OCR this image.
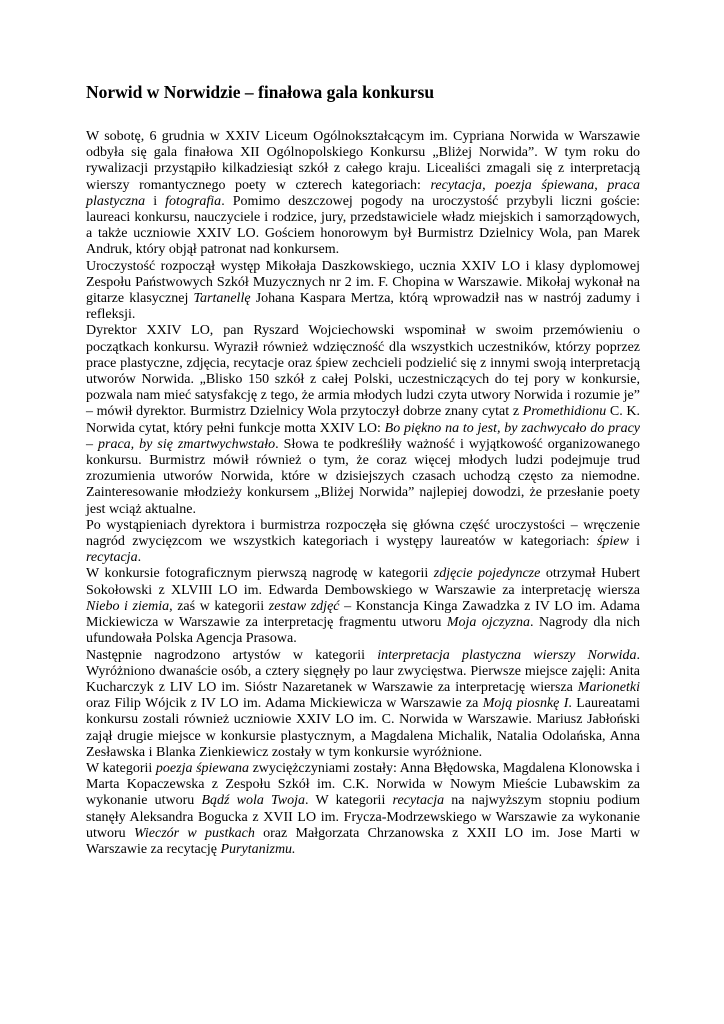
Norwid w Norwidzie – finałowa gala konkursu

W sobotę, 6 grudnia w XXIV Liceum Ogólnokształcącym im. Cypriana Norwida w Warszawie odbyła się gala finałowa XII Ogólnopolskiego Konkursu „Bliżej Norwida”. W tym roku do rywalizacji przystąpiło kilkadziesiąt szkół z całego kraju. Licealiści zmagali się z interpretacją wierszy romantycznego poety w czterech kategoriach: recytacja, poezja śpiewana, praca plastyczna i fotografia. Pomimo deszczowej pogody na uroczystość przybyli liczni goście: laureaci konkursu, nauczyciele i rodzice, jury, przedstawiciele władz miejskich i samorządowych, a także uczniowie XXIV LO. Gościem honorowym był Burmistrz Dzielnicy Wola, pan Marek Andruk, który objął patronat nad konkursem.

Uroczystość rozpoczął występ Mikołaja Daszkowskiego, ucznia XXIV LO i klasy dyplomowej Zespołu Państwowych Szkół Muzycznych nr 2 im. F. Chopina w Warszawie. Mikołaj wykonał na gitarze klasycznej Tartanellę Johana Kaspara Mertza, którą wprowadził nas w nastrój zadumy i refleksji.

Dyrektor XXIV LO, pan Ryszard Wojciechowski wspominał w swoim przemówieniu o początkach konkursu. Wyraził również wdzięczność dla wszystkich uczestników, którzy poprzez prace plastyczne, zdjęcia, recytacje oraz śpiew zechcieli podzielić się z innymi swoją interpretacją utworów Norwida. „Blisko 150 szkół z całej Polski, uczestniczących do tej pory w konkursie, pozwala nam mieć satysfakcję z tego, że armia młodych ludzi czyta utwory Norwida i rozumie je” – mówił dyrektor. Burmistrz Dzielnicy Wola przytoczył dobrze znany cytat z Promethidionu C. K. Norwida cytat, który pełni funkcje motta XXIV LO: Bo piękno na to jest, by zachwycało do pracy – praca, by się zmartwychwstało. Słowa te podkreśliły ważność i wyjątkowość organizowanego konkursu. Burmistrz mówił również o tym, że coraz więcej młodych ludzi podejmuje trud zrozumienia utworów Norwida, które w dzisiejszych czasach uchodzą często za niemodne. Zainteresowanie młodzieży konkursem „Bliżej Norwida” najlepiej dowodzi, że przesłanie poety jest wciąż aktualne.

Po wystąpieniach dyrektora i burmistrza rozpoczęła się główna część uroczystości – wręczenie nagród zwycięzcom we wszystkich kategoriach i występy laureatów w kategoriach: śpiew i recytacja.

W konkursie fotograficznym pierwszą nagrodę w kategorii zdjęcie pojedyncze otrzymał Hubert Sokołowski z XLVIII LO im. Edwarda Dembowskiego w Warszawie za interpretację wiersza Niebo i ziemia, zaś w kategorii zestaw zdjęć – Konstancja Kinga Zawadzka z IV LO im. Adama Mickiewicza w Warszawie za interpretację fragmentu utworu Moja ojczyzna. Nagrody dla nich ufundowała Polska Agencja Prasowa.

Następnie nagrodzono artystów w kategorii interpretacja plastyczna wierszy Norwida. Wyróżniono dwanaście osób, a cztery sięgnęły po laur zwycięstwa. Pierwsze miejsce zajęli: Anita Kucharczyk z LIV LO im. Sióstr Nazaretanek w Warszawie za interpretację wiersza Marionetki oraz Filip Wójcik z IV LO im. Adama Mickiewicza w Warszawie za Moją piosnkę I. Laureatami konkursu zostali również uczniowie XXIV LO im. C. Norwida w Warszawie. Mariusz Jabłoński zajął drugie miejsce w konkursie plastycznym, a Magdalena Michalik, Natalia Odolańska, Anna Zesławska i Blanka Zienkiewicz zostały w tym konkursie wyróżnione.

W kategorii poezja śpiewana zwyciężczyniami zostały: Anna Błędowska, Magdalena Klonowska i Marta Kopaczewska z Zespołu Szkół im. C.K. Norwida w Nowym Mieście Lubawskim za wykonanie utworu Bądź wola Twoja. W kategorii recytacja na najwyższym stopniu podium stanęły Aleksandra Bogucka z XVII LO im. Frycza-Modrzewskiego w Warszawie za wykonanie utworu Wieczór w pustkach oraz Małgorzata Chrzanowska z XXII LO im. Jose Marti w Warszawie za recytację Purytanizmu.
